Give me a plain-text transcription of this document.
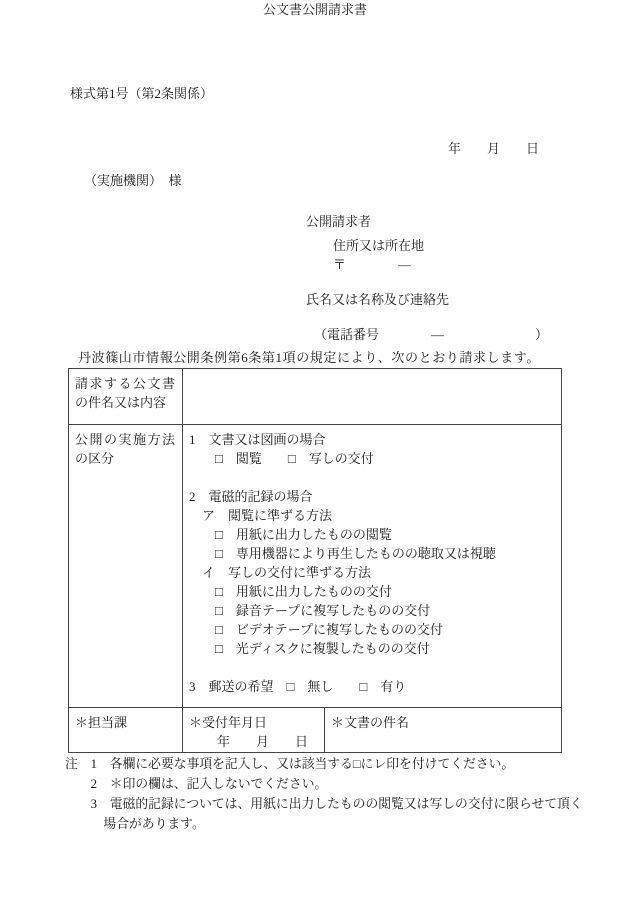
様式第1号（第2条関係）
公文書公開請求書
年　　月　　日
（実施機関）　様
公開請求者
住所又は所在地
〒　　　　―
氏名又は名称及び連絡先
（電話番号　　　　―　　　　　　　）
丹波篠山市情報公開条例第6条第1項の規定により、次のとおり請求します。
請求する公文書
の件名又は内容
公開の実施方法
の区分
1　文書又は図画の場合
　　□　閲覧　　□　写しの交付

2　電磁的記録の場合
　ア　閲覧に準ずる方法
　　□　用紙に出力したものの閲覧
　　□　専用機器により再生したものの聴取又は視聴
　イ　写しの交付に準ずる方法
　　□　用紙に出力したものの交付
　　□　録音テープに複写したものの交付
　　□　ビデオテープに複写したものの交付
　　□　光ディスクに複製したものの交付

3　郵送の希望　□　無し　　□　有り
＊担当課	＊受付年月日
年　　月　　日
＊文書の件名
注　1　各欄に必要な事項を記入し、又は該当する□にレ印を付けてください。
　　2　＊印の欄は、記入しないでください。
　　3　電磁的記録については、用紙に出力したものの閲覧又は写しの交付に限らせて頂く
　　　場合があります。
